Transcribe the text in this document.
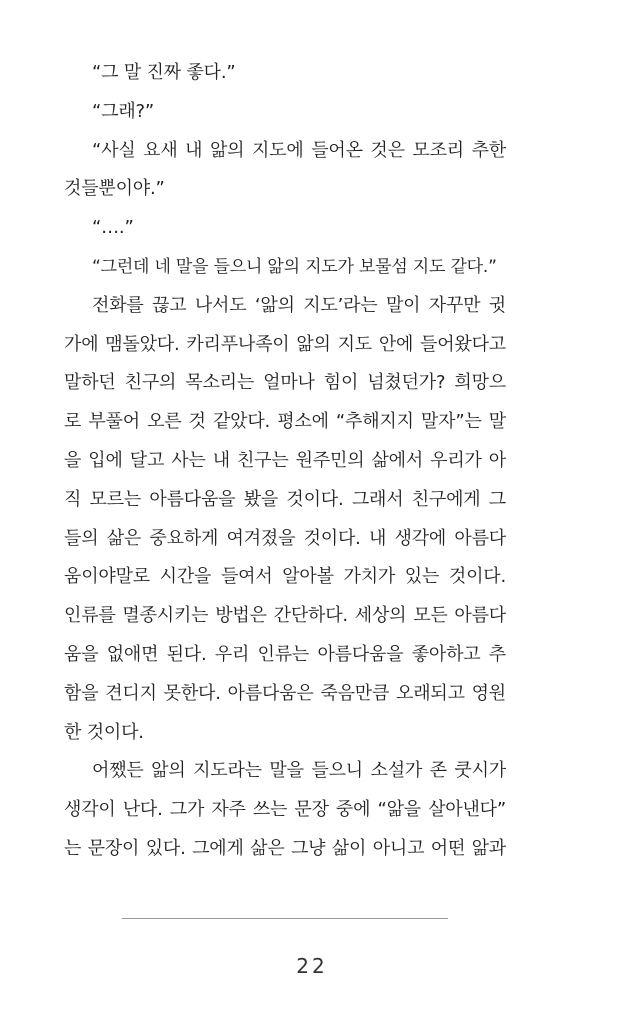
“그 말 진짜 좋다.”
“그래?”
“사실 요새 내 앎의 지도에 들어온 것은 모조리 추한
것들뿐이야.”
“….”
“그런데 네 말을 들으니 앎의 지도가 보물섬 지도 같다.”
전화를 끊고 나서도 ‘앎의 지도’라는 말이 자꾸만 귓
가에 맴돌았다. 카리푸나족이 앎의 지도 안에 들어왔다고
말하던 친구의 목소리는 얼마나 힘이 넘쳤던가? 희망으
로 부풀어 오른 것 같았다. 평소에 “추해지지 말자”는 말
을 입에 달고 사는 내 친구는 원주민의 삶에서 우리가 아
직 모르는 아름다움을 봤을 것이다. 그래서 친구에게 그
들의 삶은 중요하게 여겨졌을 것이다. 내 생각에 아름다
움이야말로 시간을 들여서 알아볼 가치가 있는 것이다.
인류를 멸종시키는 방법은 간단하다. 세상의 모든 아름다
움을 없애면 된다. 우리 인류는 아름다움을 좋아하고 추
함을 견디지 못한다. 아름다움은 죽음만큼 오래되고 영원
한 것이다.
어쨌든 앎의 지도라는 말을 들으니 소설가 존 쿳시가
생각이 난다. 그가 자주 쓰는 문장 중에 “앎을 살아낸다”
는 문장이 있다. 그에게 삶은 그냥 삶이 아니고 어떤 앎과
22
